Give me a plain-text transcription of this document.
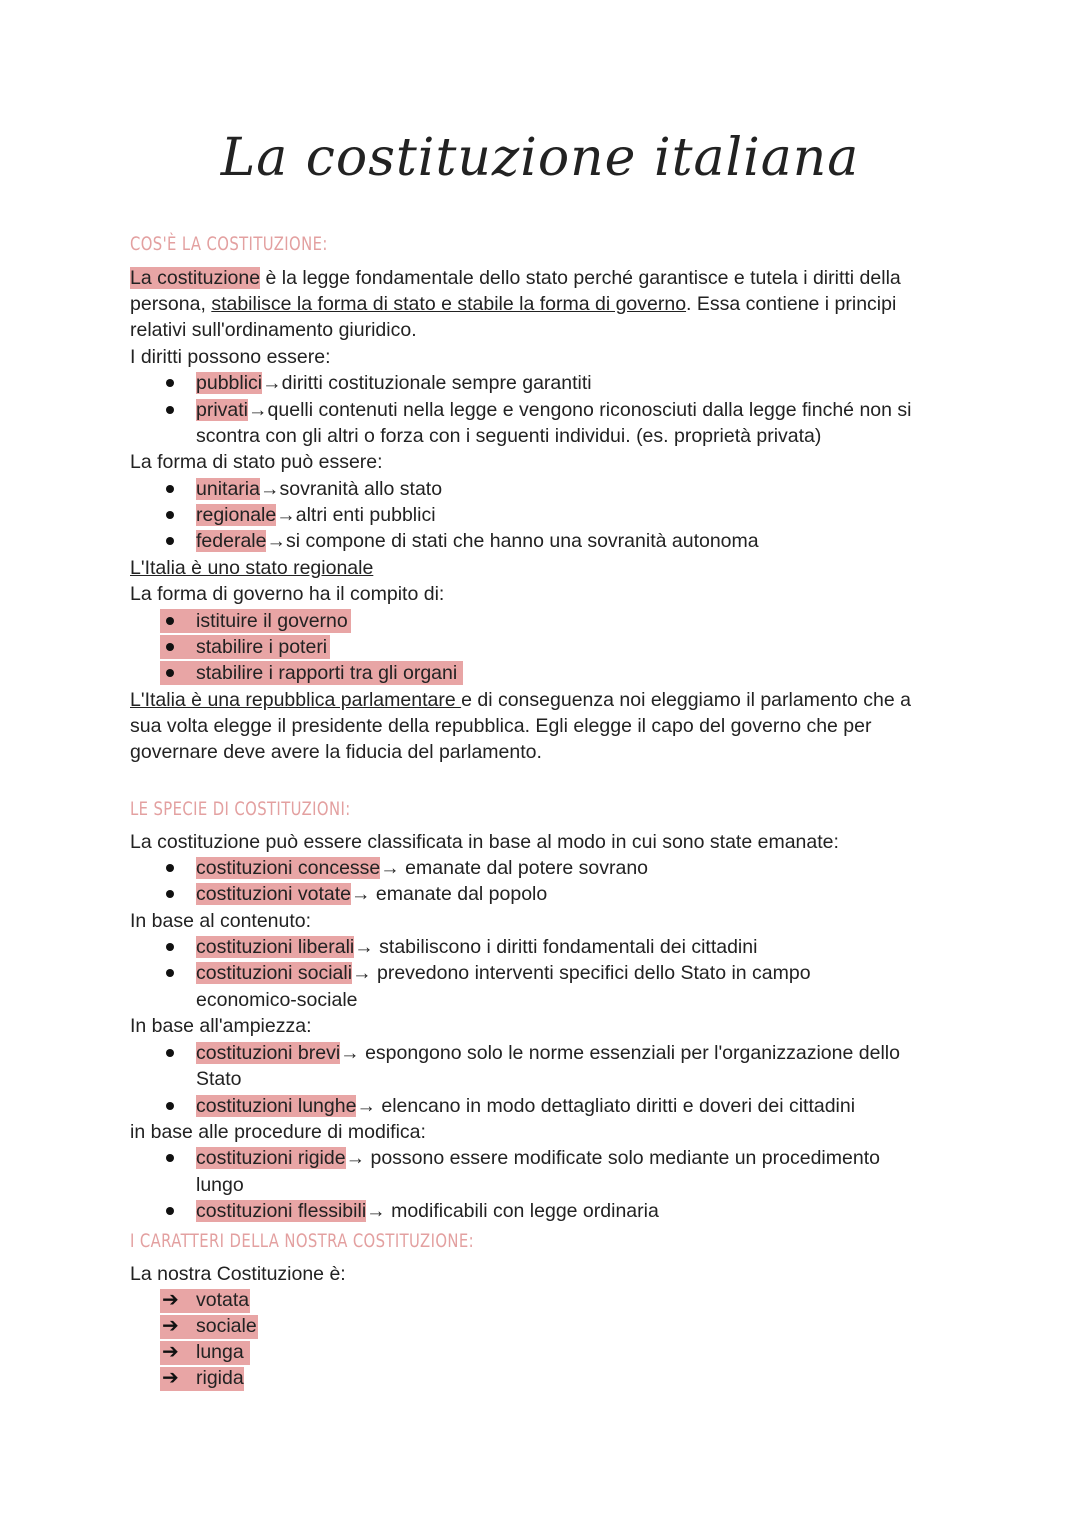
La costituzione italiana
COS'È LA COSTITUZIONE:
La costituzione è la legge fondamentale dello stato perché garantisce e tutela i diritti della
persona, stabilisce la forma di stato e stabile la forma di governo. Essa contiene i principi
relativi sull'ordinamento giuridico.
I diritti possono essere:
pubblici→diritti costituzionale sempre garantiti
privati→quelli contenuti nella legge e vengono riconosciuti dalla legge finché non si
scontra con gli altri o forza con i seguenti individui. (es. proprietà privata)
La forma di stato può essere:
unitaria→sovranità allo stato
regionale→altri enti pubblici
federale→si compone di stati che hanno una sovranità autonoma
L'Italia è uno stato regionale
La forma di governo ha il compito di:
istituire il governo
stabilire i poteri
stabilire i rapporti tra gli organi
L'Italia è una repubblica parlamentare e di conseguenza noi eleggiamo il parlamento che a
sua volta elegge il presidente della repubblica. Egli elegge il capo del governo che per
governare deve avere la fiducia del parlamento.
LE SPECIE DI COSTITUZIONI:
La costituzione può essere classificata in base al modo in cui sono state emanate:
costituzioni concesse→ emanate dal potere sovrano
costituzioni votate→ emanate dal popolo
In base al contenuto:
costituzioni liberali→ stabiliscono i diritti fondamentali dei cittadini
costituzioni sociali→ prevedono interventi specifici dello Stato in campo
economico-sociale
In base all'ampiezza:
costituzioni brevi→ espongono solo le norme essenziali per l'organizzazione dello
Stato
costituzioni lunghe→ elencano in modo dettagliato diritti e doveri dei cittadini
in base alle procedure di modifica:
costituzioni rigide→ possono essere modificate solo mediante un procedimento
lungo
costituzioni flessibili→ modificabili con legge ordinaria
I CARATTERI DELLA NOSTRA COSTITUZIONE:
La nostra Costituzione è:
➔ votata
➔ sociale
➔ lunga
➔ rigida
